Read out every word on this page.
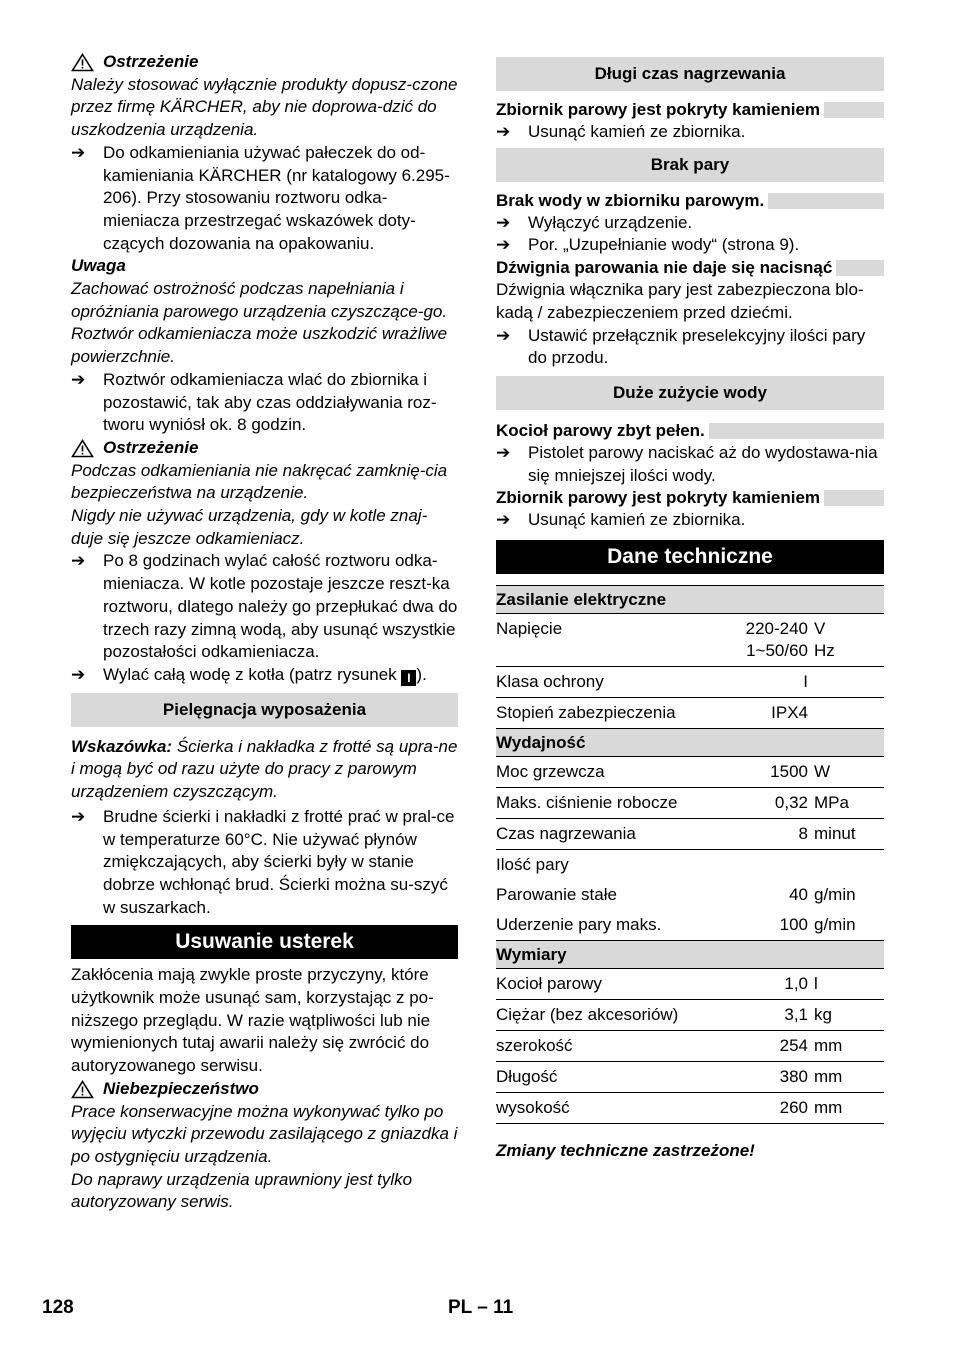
Ostrzeżenie

Należy stosować wyłącznie produkty dopusz-czone przez firmę KÄRCHER, aby nie doprowa-dzić do uszkodzenia urządzenia.

➔	Do odkamieniania używać pałeczek do od-kamieniania KÄRCHER (nr katalogowy 6.295-206). Przy stosowaniu roztworu odka-mieniacza przestrzegać wskazówek doty-czących dozowania na opakowaniu.

Uwaga

Zachować ostrożność podczas napełniania i opróżniania parowego urządzenia czyszczące-go. Roztwór odkamieniacza może uszkodzić wrażliwe powierzchnie.

➔	Roztwór odkamieniacza wlać do zbiornika i pozostawić, tak aby czas oddziaływania roz-tworu wyniósł ok. 8 godzin.
Ostrzeżenie

Podczas odkamieniania nie nakręcać zamknię-cia bezpieczeństwa na urządzenie.

Nigdy nie używać urządzenia, gdy w kotle znaj-duje się jeszcze odkamieniacz.

➔	Po 8 godzinach wylać całość roztworu odka-mieniacza. W kotle pozostaje jeszcze reszt-ka roztworu, dlatego należy go przepłukać dwa do trzech razy zimną wodą, aby usunąć wszystkie pozostałości odkamieniacza.
➔	Wylać całą wodę z kotła (patrz rysunek I ).
Pielęgnacja wyposażenia

Wskazówka: Ścierka i nakładka z frotté są upra-ne i mogą być od razu użyte do pracy z parowym urządzeniem czyszczącym.

➔	Brudne ścierki i nakładki z frotté prać w pral-ce w temperaturze 60°C. Nie używać płynów zmiękczających, aby ścierki były w stanie dobrze wchłonąć brud. Ścierki można su-szyć w suszarkach.
Usuwanie usterek

Zakłócenia mają zwykle proste przyczyny, które użytkownik może usunąć sam, korzystając z po-niższego przeglądu. W razie wątpliwości lub nie wymienionych tutaj awarii należy się zwrócić do autoryzowanego serwisu.

Niebezpieczeństwo

Prace konserwacyjne można wykonywać tylko po wyjęciu wtyczki przewodu zasilającego z gniazdka i po ostygnięciu urządzenia.

Do naprawy urządzenia uprawniony jest tylko autoryzowany serwis.

Długi czas nagrzewania
Zbiornik parowy jest pokryty kamieniem
➔	Usunąć kamień ze zbiornika.
Brak pary
Brak wody w zbiorniku parowym.
➔	Wyłączyć urządzenie.
➔	Por. „Uzupełnianie wody“ (strona 9).
Dźwignia parowania nie daje się nacisnąć

Dźwignia włącznika pary jest zabezpieczona blo-kadą / zabezpieczeniem przed dziećmi.

➔	Ustawić przełącznik preselekcyjny ilości pary do przodu.
Duże zużycie wody
Kocioł parowy zbyt pełen.
➔	Pistolet parowy naciskać aż do wydostawa-nia się mniejszej ilości wody.
Zbiornik parowy jest pokryty kamieniem
➔	Usunąć kamień ze zbiornika.
Dane techniczne
Zasilanie elektryczne		
Napięcie	220-240	V
	1~50/60	Hz
Klasa ochrony	I	
Stopień zabezpieczenia	IPX4	
Wydajność		
Moc grzewcza	1500	W
Maks. ciśnienie robocze	0,32	MPa
Czas nagrzewania	8	minut
Ilość pary		
Parowanie stałe	40	g/min
Uderzenie pary maks.	100	g/min
Wymiary		
Kocioł parowy	1,0	l
Ciężar (bez akcesoriów)	3,1	kg
szerokość	254	mm
Długość	380	mm
wysokość	260	mm

Zmiany techniczne zastrzeżone!

128	PL – 11
